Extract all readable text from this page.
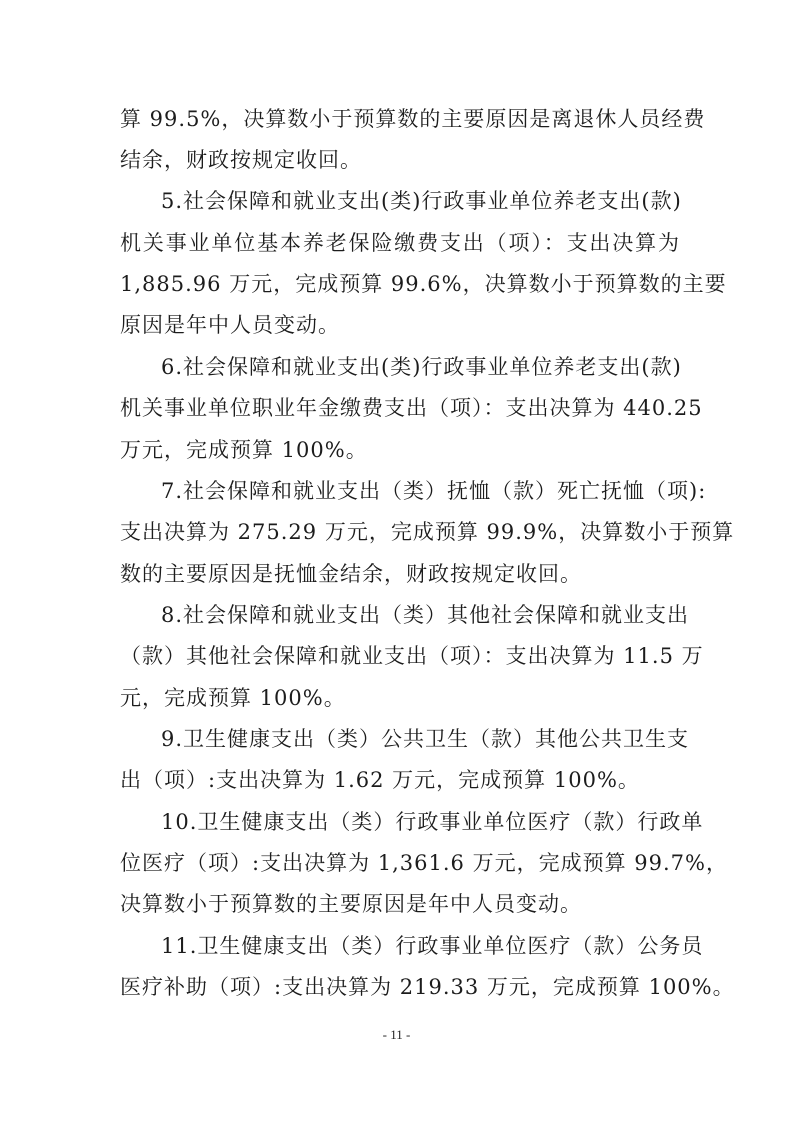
算 99.5%，决算数小于预算数的主要原因是离退休人员经费
结余，财政按规定收回。
5.社会保障和就业支出(类)行政事业单位养老支出(款)
机关事业单位基本养老保险缴费支出（项）：支出决算为
1,885.96 万元，完成预算 99.6%，决算数小于预算数的主要
原因是年中人员变动。
6.社会保障和就业支出(类)行政事业单位养老支出(款)
机关事业单位职业年金缴费支出（项）：支出决算为 440.25
万元，完成预算 100%。
7.社会保障和就业支出（类）抚恤（款）死亡抚恤（项):
支出决算为 275.29 万元，完成预算 99.9%，决算数小于预算
数的主要原因是抚恤金结余，财政按规定收回。
8.社会保障和就业支出（类）其他社会保障和就业支出
（款）其他社会保障和就业支出（项）：支出决算为 11.5 万
元，完成预算 100%。
9.卫生健康支出（类）公共卫生（款）其他公共卫生支
出（项）:支出决算为 1.62 万元，完成预算 100%。
10.卫生健康支出（类）行政事业单位医疗（款）行政单
位医疗（项）:支出决算为 1,361.6 万元，完成预算 99.7%，
决算数小于预算数的主要原因是年中人员变动。
11.卫生健康支出（类）行政事业单位医疗（款）公务员
医疗补助（项）:支出决算为 219.33 万元，完成预算 100%。
- 11 -
